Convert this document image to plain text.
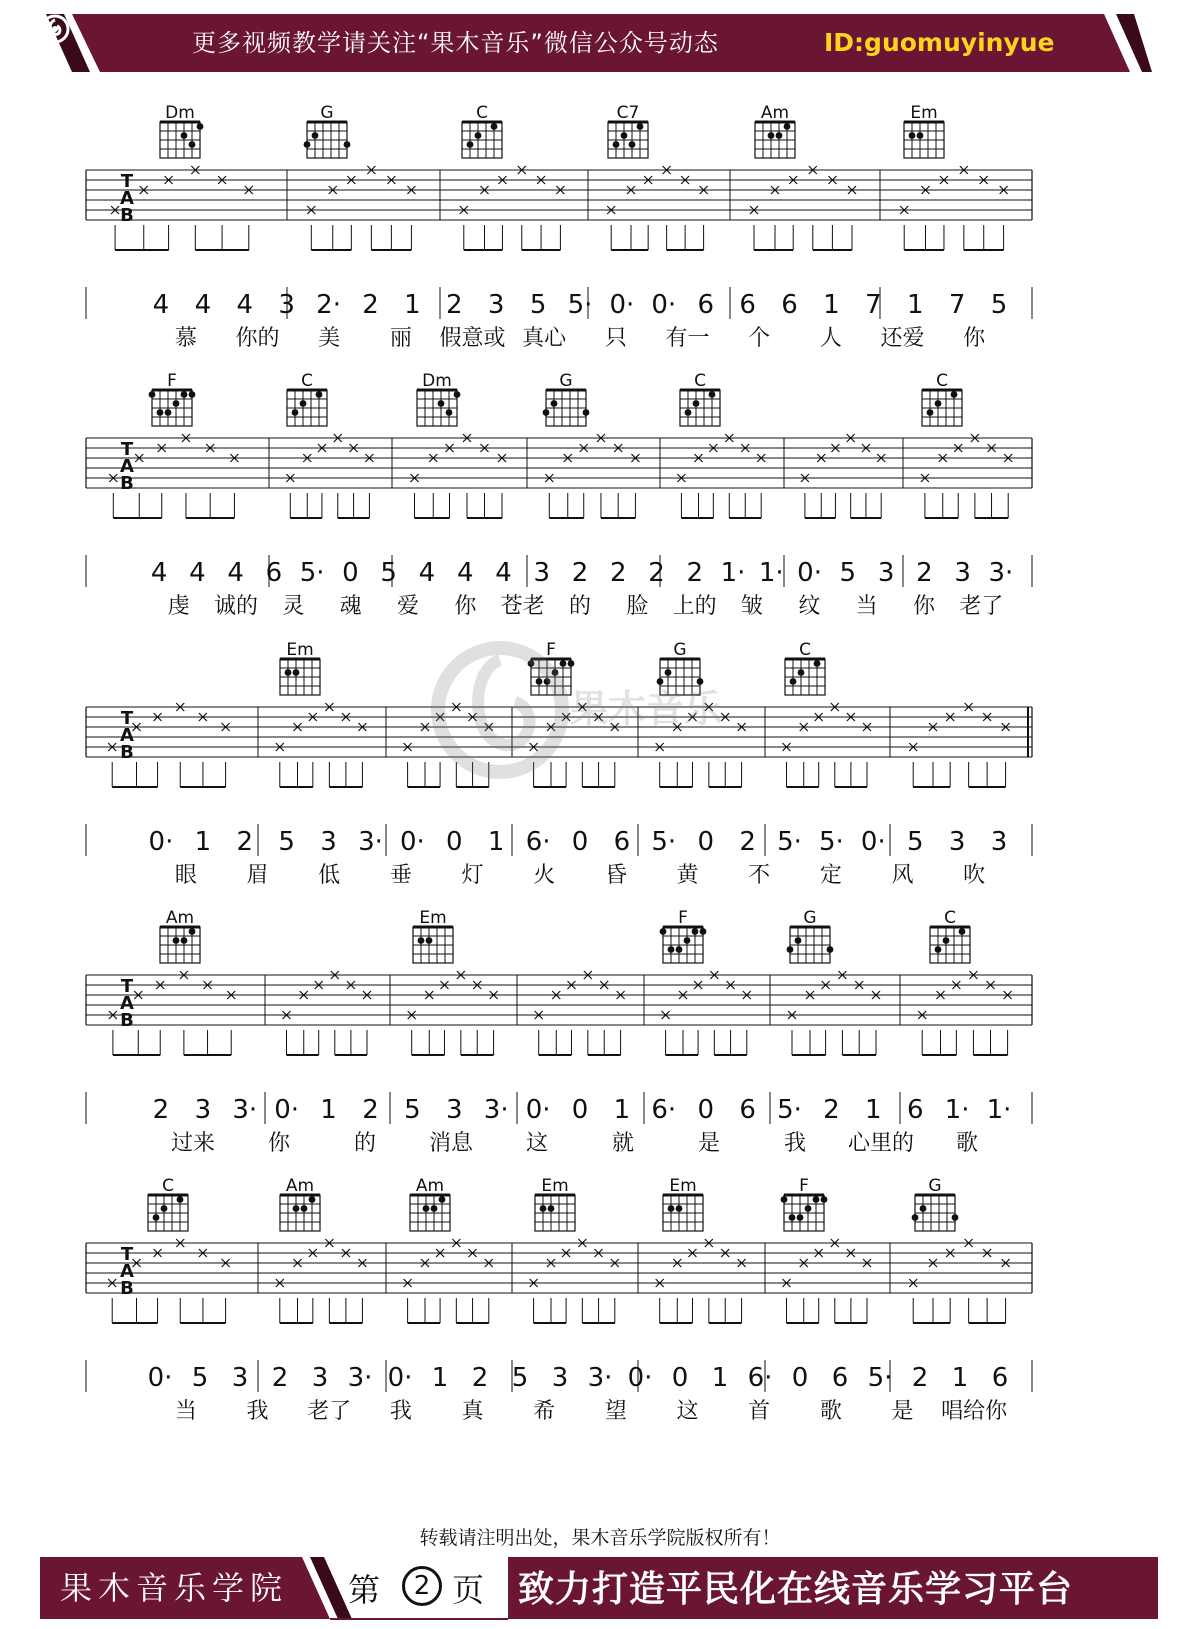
更多视频教学请关注“果木音乐”微信公众号动态	ID:guomuyinyue
Dm	G	C	C7	Am	Em
T
A
B
4 4 4 3 2· 2 1 2 3 5 5· 0· 0· 6 6 6 1 7 1 7 5
慕 你的 美 丽 假意或 真心 只 有一 个 人 还爱 你
F	C	Dm	G	C	C
T
A
B
4 4 4 6 5· 0 5 4 4 4 3 2 2 2 2 1· 1· 0· 5 3 2 3 3·
虔 诚的 灵 魂 爱 你 苍老 的 脸 上的 皱 纹 当 你 老了
Em	F	G	C
T
A
B
0· 1 2 5 3 3· 0· 0 1 6· 0 6 5· 0 2 5· 5· 0· 5 3 3
眼 眉 低 垂 灯 火 昏 黄 不 定 风 吹
Am	Em	F	G	C
T
A
B
2 3 3· 0· 1 2 5 3 3· 0· 0 1 6· 0 6 5· 2 1 6 1· 1·
过来 你	的 消息 这	就	是	我 心里的 歌
C	Am	Am	Em	Em	F	G
T
A
B
0· 5 3 2 3 3· 0· 1 2 5 3 3· 0· 0 1 6· 0 6 5· 2 1 6
当 我 老了 我 真 希 望 这 首 歌 是 唱给你
果木音乐
转载请注明出处，果木音乐学院版权所有！
果木音乐学院 第	2 页 致力打造平民化在线音乐学习平台
